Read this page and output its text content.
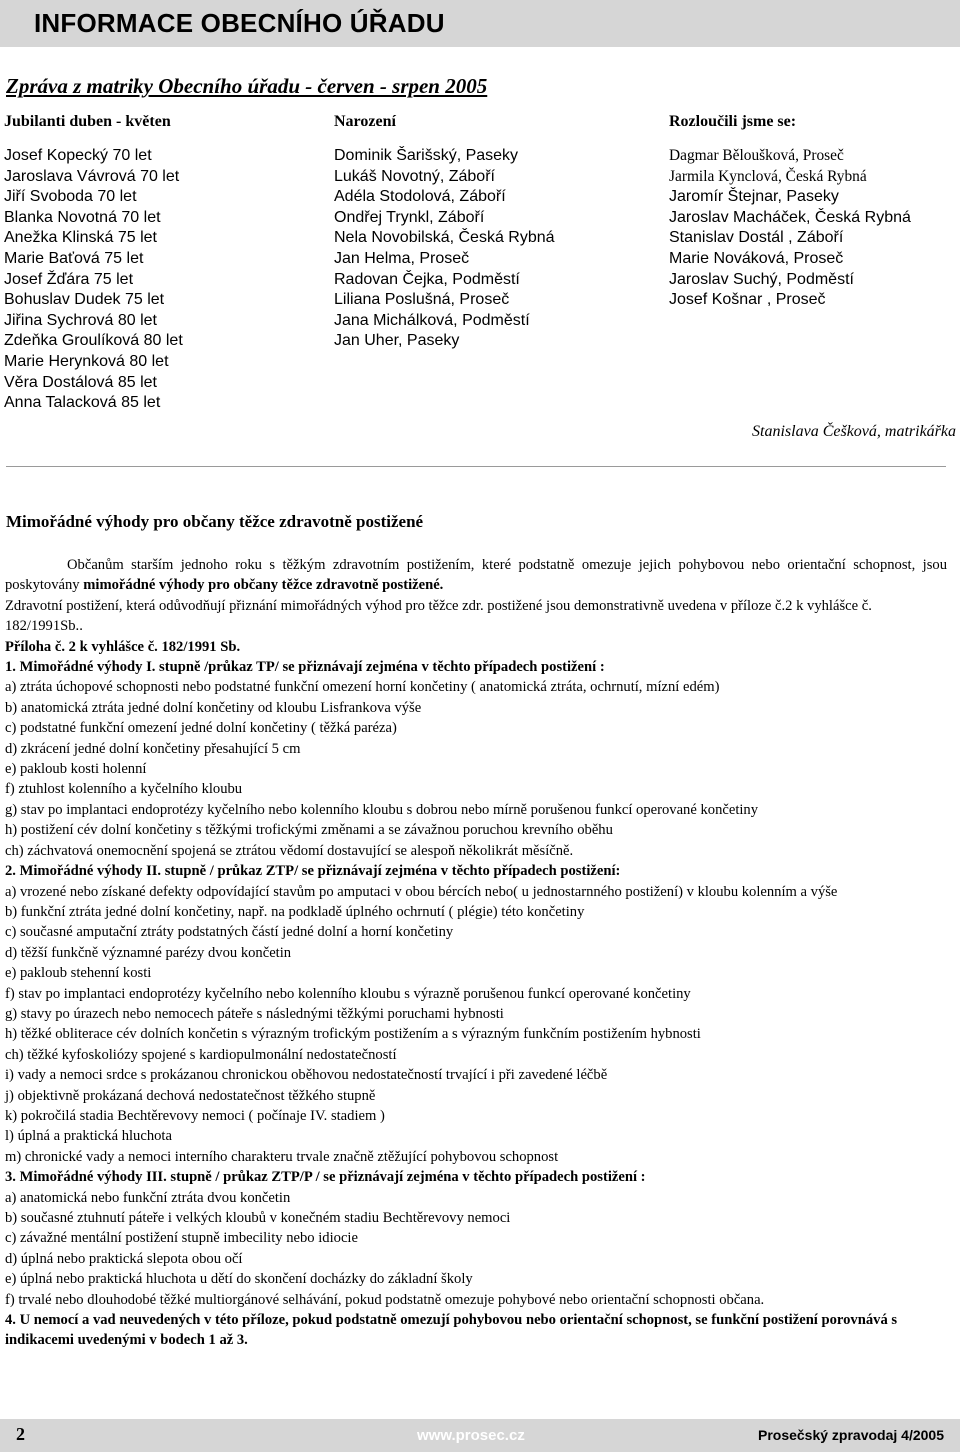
INFORMACE OBECNÍHO ÚŘADU
Zpráva z matriky Obecního úřadu - červen - srpen 2005
Jubilanti duben - květen
Josef Kopecký 70 let
Jaroslava Vávrová 70 let
Jiří Svoboda 70 let
Blanka Novotná 70 let
Anežka Klinská 75 let
Marie Baťová 75 let
Josef Žďára 75 let
Bohuslav Dudek 75 let
Jiřina Sychrová 80 let
Zdeňka Groulíková 80 let
Marie Herynková 80 let
Věra Dostálová 85 let
Anna Talacková 85 let
Narození
Dominik Šarišský, Paseky
Lukáš Novotný, Záboří
Adéla Stodolová, Záboří
Ondřej Trynkl, Záboří
Nela Novobilská, Česká Rybná
Jan Helma, Proseč
Radovan Čejka, Podměstí
Liliana Poslušná, Proseč
Jana Michálková, Podměstí
Jan Uher, Paseky
Rozloučili jsme se:
Dagmar Běloušková, Proseč
Jarmila Kynclová, Česká Rybná
Jaromír Štejnar, Paseky
Jaroslav Macháček, Česká Rybná
Stanislav Dostál , Záboří
Marie Nováková, Proseč
Jaroslav Suchý, Podměstí
Josef Košnar , Proseč
Stanislava Češková, matrikářka
Mimořádné výhody pro občany těžce zdravotně postižené

Občanům starším jednoho roku s těžkým zdravotním postižením, které podstatně omezuje jejich pohybovou nebo orientační schopnost, jsou poskytovány mimořádné výhody pro občany těžce zdravotně postižené.

Zdravotní postižení, která odůvodňují přiznání mimořádných výhod pro těžce zdr. postižené jsou demonstrativně uvedena v příloze č.2 k vyhlášce č. 182/1991Sb..

Příloha č. 2 k vyhlášce č. 182/1991 Sb.

1. Mimořádné výhody I. stupně /průkaz TP/ se přiznávají zejména v těchto případech postižení :

a) ztráta úchopové schopnosti nebo podstatné funkční omezení horní končetiny ( anatomická ztráta, ochrnutí, mízní edém)
b) anatomická ztráta jedné dolní končetiny od kloubu Lisfrankova výše
c) podstatné funkční omezení jedné dolní končetiny ( těžká paréza)
d) zkrácení jedné dolní končetiny přesahující 5 cm
e) pakloub kosti holenní
f) ztuhlost kolenního a kyčelního kloubu
g) stav po implantaci endoprotézy kyčelního nebo kolenního kloubu s dobrou nebo mírně porušenou funkcí operované končetiny
h) postižení cév dolní končetiny s těžkými trofickými změnami a se závažnou poruchou krevního oběhu
ch) záchvatová onemocnění spojená se ztrátou vědomí dostavující se alespoň několikrát měsíčně.

2. Mimořádné výhody II. stupně / průkaz ZTP/ se přiznávají zejména v těchto případech postižení:

a) vrozené nebo získané defekty odpovídající stavům po amputaci v obou bércích nebo( u jednostarnného postižení) v kloubu kolenním a výše
b) funkční ztráta jedné dolní končetiny, např. na podkladě úplného ochrnutí ( plégie) této končetiny
c) současné amputační ztráty podstatných částí jedné dolní a horní končetiny
d) těžší funkčně významné parézy dvou končetin
e) pakloub stehenní kosti
f) stav po implantaci endoprotézy kyčelního nebo kolenního kloubu s výrazně porušenou funkcí operované končetiny
g) stavy po úrazech nebo nemocech páteře s následnými těžkými poruchami hybnosti
h) těžké obliterace cév dolních končetin s výrazným trofickým postižením a s výrazným funkčním postižením hybnosti
ch) těžké kyfoskoliózy spojené s kardiopulmonální nedostatečností
i) vady a nemoci srdce s prokázanou chronickou oběhovou nedostatečností trvající i při zavedené léčbě
j) objektivně prokázaná dechová nedostatečnost těžkého stupně
k) pokročilá stadia Bechtěrevovy nemoci ( počínaje IV. stadiem )
l) úplná a praktická hluchota
m) chronické vady a nemoci interního charakteru trvale značně ztěžující pohybovou schopnost

3. Mimořádné výhody III. stupně / průkaz ZTP/P / se přiznávají zejména v těchto případech postižení :

a) anatomická nebo funkční ztráta dvou končetin
b) současné ztuhnutí páteře i velkých kloubů v konečném stadiu Bechtěrevovy nemoci
c) závažné mentální postižení stupně imbecility nebo idiocie
d) úplná nebo praktická slepota obou očí
e) úplná nebo praktická hluchota u dětí do skončení docházky do základní školy
f) trvalé nebo dlouhodobé těžké multiorgánové selhávání, pokud podstatně omezuje pohybové nebo orientační schopnosti občana.

4. U nemocí a vad neuvedených v této příloze, pokud podstatně omezují pohybovou nebo orientační schopnost, se funkční postižení porovnává s indikacemi uvedenými v bodech 1 až 3.

2	www.prosec.cz	Prosečský zpravodaj 4/2005
